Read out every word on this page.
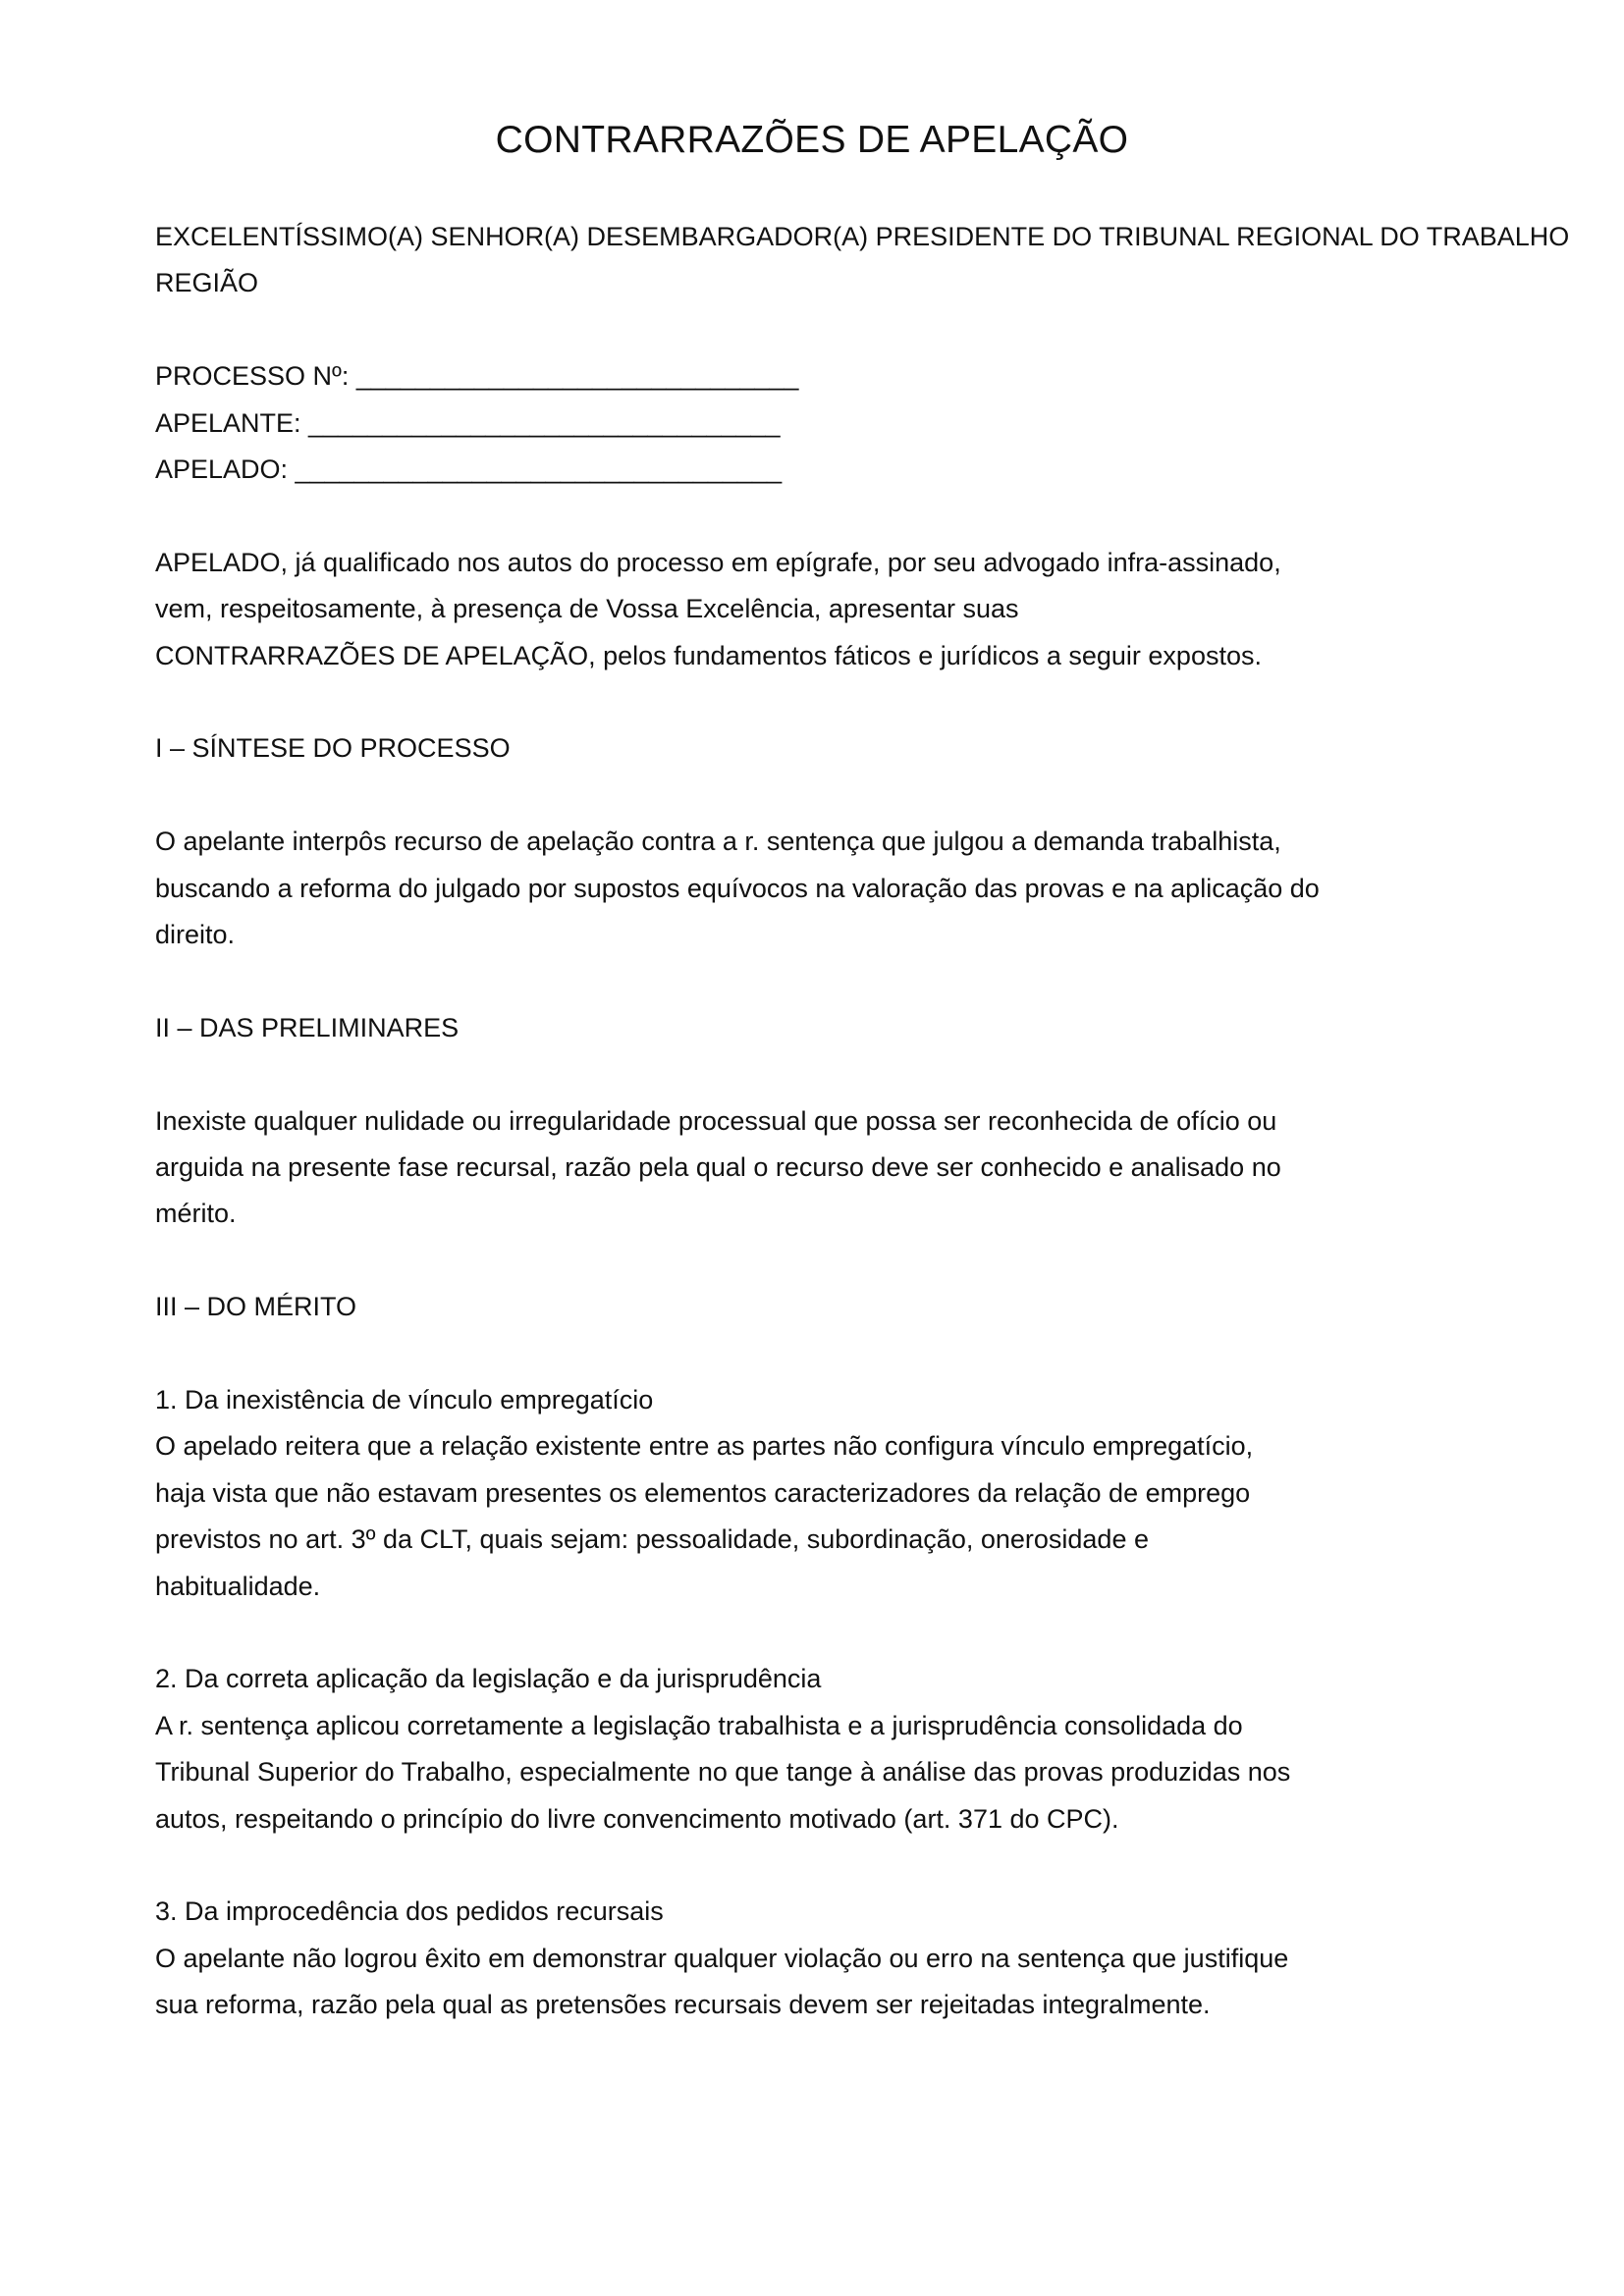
CONTRARRAZÕES DE APELAÇÃO
EXCELENTÍSSIMO(A) SENHOR(A) DESEMBARGADOR(A) PRESIDENTE DO TRIBUNAL REGIONAL DO TRABALHO
REGIÃO
PROCESSO Nº: ______________________________
APELANTE: ________________________________
APELADO: _________________________________
APELADO, já qualificado nos autos do processo em epígrafe, por seu advogado infra-assinado,
vem, respeitosamente, à presença de Vossa Excelência, apresentar suas
CONTRARRAZÕES DE APELAÇÃO, pelos fundamentos fáticos e jurídicos a seguir expostos.
I – SÍNTESE DO PROCESSO
O apelante interpôs recurso de apelação contra a r. sentença que julgou a demanda trabalhista,
buscando a reforma do julgado por supostos equívocos na valoração das provas e na aplicação do
direito.
II – DAS PRELIMINARES
Inexiste qualquer nulidade ou irregularidade processual que possa ser reconhecida de ofício ou
arguida na presente fase recursal, razão pela qual o recurso deve ser conhecido e analisado no
mérito.
III – DO MÉRITO
1. Da inexistência de vínculo empregatício
O apelado reitera que a relação existente entre as partes não configura vínculo empregatício,
haja vista que não estavam presentes os elementos caracterizadores da relação de emprego
previstos no art. 3º da CLT, quais sejam: pessoalidade, subordinação, onerosidade e
habitualidade.
2. Da correta aplicação da legislação e da jurisprudência
A r. sentença aplicou corretamente a legislação trabalhista e a jurisprudência consolidada do
Tribunal Superior do Trabalho, especialmente no que tange à análise das provas produzidas nos
autos, respeitando o princípio do livre convencimento motivado (art. 371 do CPC).
3. Da improcedência dos pedidos recursais
O apelante não logrou êxito em demonstrar qualquer violação ou erro na sentença que justifique
sua reforma, razão pela qual as pretensões recursais devem ser rejeitadas integralmente.
